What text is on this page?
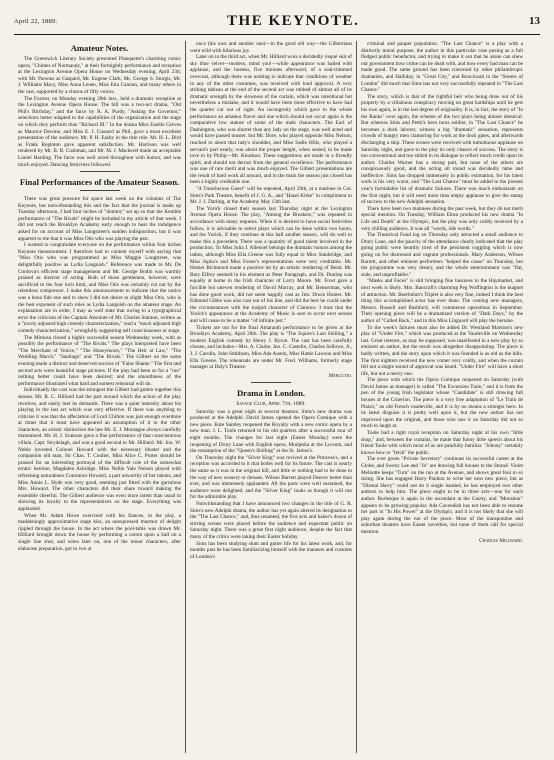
April 22, 1889.	THE KEYNOTE.	13
Amateur Notes.

The Greenwich Literary Society presented Planquette's charming comic opera, "Chimes of Normandy," at their fortnightly performance and reception at the Lexington Avenue Opera House on Wednesday evening, April 23d, with Mr. Parsons as Gaspard, Mr. Eugene Clark, Mr. George S. Sturgis, Mr. J. Williams Macy, Miss Anna Leuen, Miss Etta Cannon, and many others in the cast, supported by a chorus of fifty voices.

The Forrest, on Monday evening 28th inst., held a dramatic reception at the Lexington Avenue Opera House. The bill was a two-act drama, "Old Phil's Birthday," and the farce by R. A. Purdy, "Asking the Governor," selections better adapted to the capabilities of the organization and the stage on which they perform than "Richard III." In the drama Miss Estelle Greves as Maurice Dewine, and Miss E. J. Cussard as Phil, gave a most excellent presentation of the audience. Mr. P. H. Easby in the title role. Mr. H. L. Bird as Frank Reginton gave apparent satisfaction. Mr. Harrison was well rendered by Mr. B. B. Cushman, and Mr. M. J. Mackerel made an acceptable Lionel Harding. The farce was well acted throughout with humor, and was much enjoyed. Dancing festivities followed.

Final Performances of the Amateur Season.

There was great pressure for space last week on the columns of The Keynote, but notwithstanding this and the fact that the journal is made up Tuesday afternoon, I had four inches of "dummy" set up so that the Kemble performance of "The Rivals" might be included in my article of that week. I did not reach the Brooklyn Academy early enough to hear the indulgence asked for on account of Miss Longstreet's sudden indisposition, but it was apparent to me that it was Miss Otis who was playing the part.

I wanted to congratulate everyone on the performance within four inches Keynote measurement. I therefore had to content myself with saying that "Miss Otis who was programmed as Miss Maggie Longstreet, was delightfully positive as Lydia Languish." Reference was made to Mr. De Cordova's efficient stage management and Mr. George Bodin was warmly praised as director of acting. Both of those gentlemen, however, were sacrificed to the four inch limit, and Miss Otis was certainly cut out by the relentless compressor. I make this announcement to indicate that the notice was a bona fide one and to show I did not desire to slight Miss Otis, who is the best exponent of such roles as Lydia Languish on the amateur stage. An explanation are in order, I may as well state that owing to a typographical error the criticism of the Captain Absolute of Mr. Charles Stanton, written as a "nicely adjusted high comedy characterization," read a "much adjusted high comedy characterization," wrongfully suggesting self consciousness or stage.

The Mimosa closed a highly successful season Wednesday week, with as possibly the performance of "The Rivals." The plays interpreted have been "The Merchant of Venice," "The Honeymoon," "The Heir at Law," "The Wedding March," "Santiago" and "The Rivals." The Gilbert on the same evening made a distinct and deserved success of "False Shame." The first and second acts were beautiful stage pictures. If the play had been so for a "run" nothing better could have been desired; and the smoothness of the performance illustrated what hard and earnest rehearsal will do.

Individually the cast was the strongest the Gilbert had gotten together this season. Mr. R. C. Hilliard had the part around which the action of the play revolves, and easily met its demands. There was a quiet intensity about his playing in the last act which was very effective. If there was anything to criticise it was that the affectation of Lord Chilton was just enough overdone at times that it must have appeared an assumption of it to the other characters, an artistic distinction the late Mr. E. J. Montague always carefully maintained. Mr. H. J. Scakone gave a fine performance of that conscientious villain, Capt. Strydelagh, and was a good second to Mr. Hilliard. Mr. Jno. W. Noble invested Colonel Howard with the necessary bluster and the companion old man, Sir Chas. T. Coulter, Miss Alice C. Porter should be praised for an interesting portrayal of the difficult role of the somewhat erratic heroine, Magdalen Ashridge. Miss Nellie Yale Nelson played with refreshing naturalness Constance Howard, a part unworthy of her talents, and Miss Annie L. Hyde was very good, seeming just fitted with the garrulous Mrs. Howard. The other characters did their share toward making the ensemble cheerful. The Gilbert audience was even more intent than usual in showing its loyalty to the representatives on the stage. Everything was applauded.

When Mr. Adam Howe exercised with his fiancee, in the play, a maddeningly approximative stage kiss, an unexpressed murmur of delight rippled through the house. In the act where the pool-table was drawn Mr. Hilliard brought down the house by performing a carom upon a ball on a single line shot, and when later on, one of the minor characters, after elaborate preparation, got in two at

once (his own and another one)—in the good old way—the Gilbertians went wild with hilarious joy.

Later on in the third act, when Mr. Hilliard wore a decidedly risqué suit of sky blue velvet—modern, mind you!—while appearance was hailed with applause, and the hostess, five minutes afterward, of a seal-trimmed overcoat, although there was nothing to indicate that conditions of weather in any of the other costumes, was received with loud approval. A very striking tableau at the end of the second act was robbed of almost all of its dramatic strength by the slowness of the curtain, which was intentional but nevertheless a mistake, and it would have been more effective to have had the quarter cut out of sight. An incongruity which gave to the whole performance an amateur flavor and one which should not occur again is the comparative low stature of some of the male characters. The Earl of Dashington, who was shorter than any lady on the stage, was well acted and would have passed muster. but Mr. Dore, who played opposite Miss Nelson, reached to about that lady's shoulder, and Miss Sadie Hills, who played a servant's part neatly, was about the proper height, when seated, to be made love to by Philip—Mr. Knudson. These suggestions are made in a friendly spirit, and should not detract from the general excellence. The performance was one of rare merit and was much enjoyed. The Gilbert presentations are the result of hard work all around, and in the main the season just closed has been a highly creditable one.

"A Treacherous Guest" will be repeated, April 29th, at a matinee in Col. Sims's Park Theatre, benefit of J. G. A., and "Hazel Kirke" in compliment to Mr. J. J. Darling, at the Academy May 13th last.

The Yorick closed their season last Thursday night at the Lexington Avenue Opera House. The play, "Among the Breakers," was repeated in accordance with many requests. When it is desired to have social festivities follow, it is advisable to select plays which can be done within two hours, and the Yorick, if they continue at this hall another season, will do well to make this a precedent. There was a quantity of good talent involved in the production. To Miss Julia J. Allenoel belongs the dramatic honors among the ladies, although Miss Ella Greene was fully equal to Miss Stanbridge, and Miss Jopha's and Miss Foster's representations were very creditable. Mr. Homer Richmond made a positive hit by an artistic rendering of Bend. Mr. Bary Elfrey seemed in his element as Peter Paragraph, and Dr. Dunlop was equally at home in the Irish character of Larry Moore. Mr. Frost gave a forcible but uneven rendering of David Murray, and Mr. Benserman, who has done good work, did not seem happily cast as Jim. Druce Hunter. Mr. Edmond Gibbs was also cast out of his line, and did the best he could under the circumstances with the insipid character of Clarence. I trust that the Yorick's appearance at the Academy of Music is sure to occur next season and will cease to be a matter "of infinite jest."

Tickets are out for the final Amaranth performance to be given at the Brooklyn Academy, April 28th. The play is "The Squire's Last Shilling," a modern English comedy by Henry J. Byron. The cast has been carefully chosen, and includes—Mrs. A. Clarke, Jno. C. Castello, Charles Sellowe, Jr., J. J. Carolin, John Smithson, Miss Ada Austin, Miss Hattie Lawson and Miss Ella Greene. The rehearsals are under Mr. Fred. Williams, formerly stage manager at Daly's Theatre.

Mercutio.
Drama in London.
Savage Club, April 7th, 1889.

Saturday was a great night at several theatres. Sims's new drama was produced at the Adelphi. David James opened the Opera Comique with a new piece. Kate Santley reopened the Royalty with a new comic opera by a new man. J. L. Toole returned to his old quarters after a successful tour of eight months. The changes for last night (Easter Monday) were the reopening of Drury Lane with English opera, Modjeska at the Lyceum, and the resumption of the "Queen's Shilling" at the St. James's.

On Thursday night the "Silver King" was revived at the Princess's, and a reception was accorded to it that bodes well for its future. The cast is nearly the same as it was in the original bill, and little or nothing had to be done in the way of new scenery or dresses. Wilson Barrett played Denver better than ever, and was immensely applauded. All the parts were well sustained, the audience were delighted, and the "Silver King" looks as though it will run for the admirable play.

Notwithstanding that I have announced two changes in the title of G. R. Sims's new Adelphi drama, the author has yet again altered its designation to the "The Last Chance," and, thus renamed, the five acts and baker's dozen of stirring scenes were placed before the audience and expectant public on Saturday night. There was a great first night audience, despite the fact that many of the critics were taking their Easter holiday.

Sims has been studying slum and gutter life for his latest work, and, for months past he has been familiarizing himself with the manners and customs of London's

criminal and pauper population. "The Last Chance" is a play with a distinctly moral purpose, the author in this particular case posing as a full fledged public benefactor, and trying to make it out that he alone can shew our government how crime can be dealt with, and how every bad man can be made good. The same ground has been traversed by other philanthropic dramatists, and Halliday, in "Great City," and Boucicault in the "Streets of London" did much that Sims has not very successfully repeated in "The Last Chance."

The story, which is that of the rightful heir who being done out of his property by a villainous conspiracy moving on great hardships until he gets his own again, is in the last degree of originality. It is, in fact, the story of "In the Ranks" over again, the scheme of the two plays being almost identical. But whereas Sims and Pettit's hero turns soldier, in "The Last Chance" he becomes a dock laborer, witness a big "dramatic" sensation, represents crowds of hungry men clamoring for work at the dock gates, and afterwards discharging a ship. These scenes were received with tumultuous applause on Saturday night, and gave to the play its only chance of success. The story is too conventional and too stilted in its dialogue to reflect much credit upon its author. Charles Warner has a strong part, but none of the others are conspicuously good, and the acting all round was decidedly tame and ineffective. Sims has dropped immensely in public estimation, for his latest work is his very worst, and "The Last Chance" must be added to the present year's formidable list of dramatic failures. There was much enthusiasm on the first night, but it will need more than empty applause to give the stamp of success to the new Adelphi sensation.

There have been two matinees during the past week, but they do not merit special mention. On Tuesday, William Elton produced his new drama "In Life and Death" at the Olympic, but the play was only coldly received by a very chilling audience. It was all "words, idle words."

The Theatrical Fund log on Thursday only attracted a small audience to Drury Lane, and the paucity of the attendance clearly indicated that the play going public were heartily tired of the persistent coggling which is now going on for distressed and vagrant professionals. Mary Anderson, Wilson Barrett, and other eminent performers "helped the cause" on Thursday, but the programme was very dreary, and the whole entertainment was "flat, stale, and unprofitable."

"Masks and Faces" is still bringing fine business to the Haymarket, and next week is likely. Mrs. Bancroft's charming Peg Woffington is the magnet of attraction. Mr. Beerbohm's Triplet is also very fine, indeed I think the best thing this accomplished actor has ever done. The coming new managers, Messrs. Russell and Bashford, will commence operations in September. Their opening piece will be a dramatized version of "Dark Days," by the author of "Called Back," and in this Miss Linguard will play the heroine.

To the week's failures must also be added Dr. Westland Marston's new play of "Under Fire," which was produced at the Vaudeville on Wednesday last. Great interest, as may be supposed, was manifested in a new play by so eminent an author, but the result was altogether disappointing. The piece is badly written, and the story upon which it was founded is as old as the hills. The first nighters received the new comer very coldly, and when the curtain fell not a single sound of approval was heard. "Under Fire" will have a short life, but not a merry one.

The piece with which the Opera Comique reopened on Saturday (with David James as manager) is called "The Excursion Train," and it is from the pen of the young Irish legislator whose "Candidate" is still drawing full houses at the Criterion. The piece is a very free adaptation of "Le Train de Plaisir," an old French vaudeville, and it is by no means a stronger hero. In its latest disguise it is pretty well upon it, but the new author has not improved upon the original, and those who saw it on Saturday did not so much to laugh at.

Toole had a right royal reception on Saturday night at his own "little shop," and, between the curtains, he made that funny little speech about his friend Toole with which most of us are painfully familiar. "Johnny" certainly knows how to "fetch" the public.

The ever green "Private Secretary" continues its successful career at the Globe, and Sweny Lee and "Jo" are drawing full houses to the Strand. Violet Melnotte keeps "Turn" on the run at the Avenue, and shows great fool in so doing. She has engaged Harry Paulton to write her next new piece, but as "Dismal Harry" could not do it single handed, he has employed two other authors to help him. The piece ought to be in three acts—one for each author. Burlesque is again in the ascendant at the Gaiety, and "Monsieur" appears to be growing popular. Ada Cavendish has not been able to resume her part in "In His Power" at the Olympic, and it is not likely that she will play again during the run of the piece. Most of the transpontine and suburban theatres have Easter novelties, but none of them call for special mention.

Charles Millward.
